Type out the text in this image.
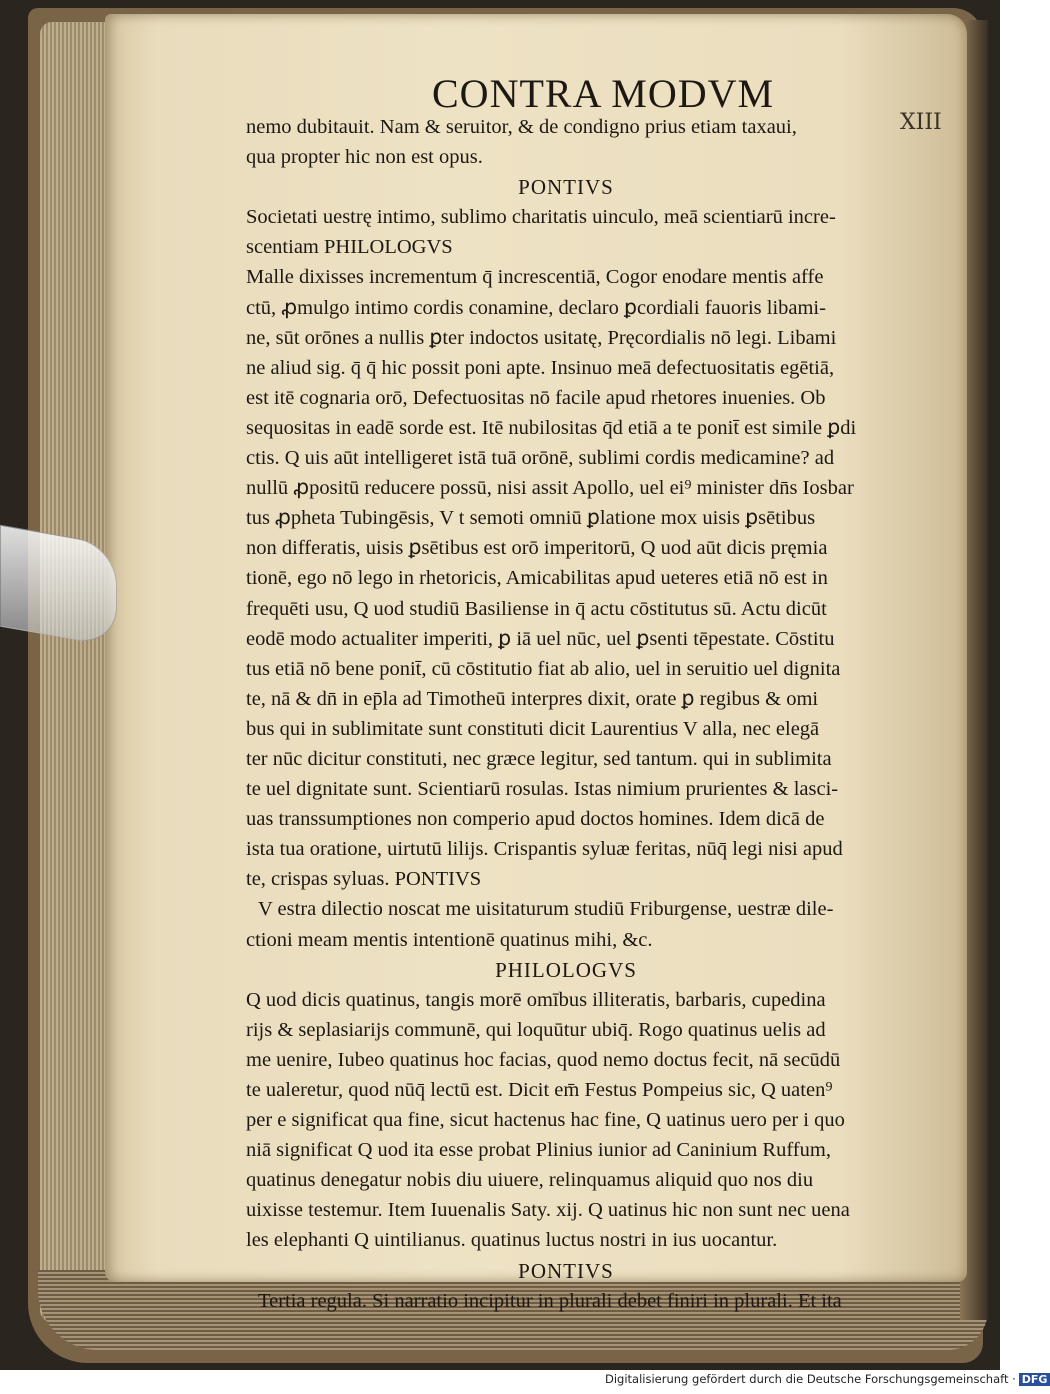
CONTRA MODVM
XIII
nemo dubitauit. Nam & seruitor, & de condigno prius etiam taxaui,
qua propter hic non est opus.
PONTIVS
Societati uestrę intimo, sublimo charitatis uinculo, meā scientiarū incre-
scentiam PHILOLOGVS
Malle dixisses incrementum q̄ increscentiā, Cogor enodare mentis affe
ctū, ꝓmulgo intimo cordis conamine, declaro ꝑcordiali fauoris libami-
ne, sūt orōnes a nullis ꝑter indoctos usitatę, Pręcordialis nō legi. Libami
ne aliud sig. q̄ q̄ hic possit poni apte. Insinuo meā defectuositatis egētiā,
est itē cognaria orō, Defectuositas nō facile apud rhetores inuenies. Ob
sequositas in eadē sorde est. Itē nubilositas q̄d etiā a te ponit̄ est simile ꝑdi
ctis. Q uis aūt intelligeret istā tuā orōnē, sublimi cordis medicamine? ad
nullū ꝓpositū reducere possū, nisi assit Apollo, uel ei⁹ minister dn̄s Iosbar
tus ꝓpheta Tubingēsis, V t semoti omniū ꝑlatione mox uisis ꝑsētibus
non differatis, uisis ꝑsētibus est orō imperitorū, Q uod aūt dicis pręmia
tionē, ego nō lego in rhetoricis, Amicabilitas apud ueteres etiā nō est in
frequēti usu, Q uod studiū Basiliense in q̄ actu cōstitutus sū. Actu dicūt
eodē modo actualiter imperiti, ꝑ iā uel nūc, uel ꝑsenti tēpestate. Cōstitu
tus etiā nō bene ponit̄, cū cōstitutio fiat ab alio, uel in seruitio uel dignita
te, nā & dn̄ in ep̄la ad Timotheū interpres dixit, orate ꝑ regibus & omi
bus qui in sublimitate sunt constituti dicit Laurentius V alla, nec elegā
ter nūc dicitur constituti, nec græce legitur, sed tantum. qui in sublimita
te uel dignitate sunt. Scientiarū rosulas. Istas nimium prurientes & lasci-
uas transsumptiones non comperio apud doctos homines. Idem dicā de
ista tua oratione, uirtutū lilijs. Crispantis syluæ feritas, nūq̄ legi nisi apud
te, crispas syluas. PONTIVS
V estra dilectio noscat me uisitaturum studiū Friburgense, uestræ dile-
ctioni meam mentis intentionē quatinus mihi, &c.
PHILOLOGVS
Q uod dicis quatinus, tangis morē omībus illiteratis, barbaris, cupedina
rijs & seplasiarijs communē, qui loquūtur ubiq̄. Rogo quatinus uelis ad
me uenire, Iubeo quatinus hoc facias, quod nemo doctus fecit, nā secūdū
te ualeretur, quod nūq̄ lectū est. Dicit em̄ Festus Pompeius sic, Q uaten⁹
per e significat qua fine, sicut hactenus hac fine, Q uatinus uero per i quo
niā significat Q uod ita esse probat Plinius iunior ad Caninium Ruffum,
quatinus denegatur nobis diu uiuere, relinquamus aliquid quo nos diu
uixisse testemur. Item Iuuenalis Saty. xij. Q uatinus hic non sunt nec uena
les elephanti Q uintilianus. quatinus luctus nostri in ius uocantur.
PONTIVS
Tertia regula. Si narratio incipitur in plurali debet finiri in plurali. Et ita
Digitalisierung gefördert durch die Deutsche Forschungsgemeinschaft · DFG
